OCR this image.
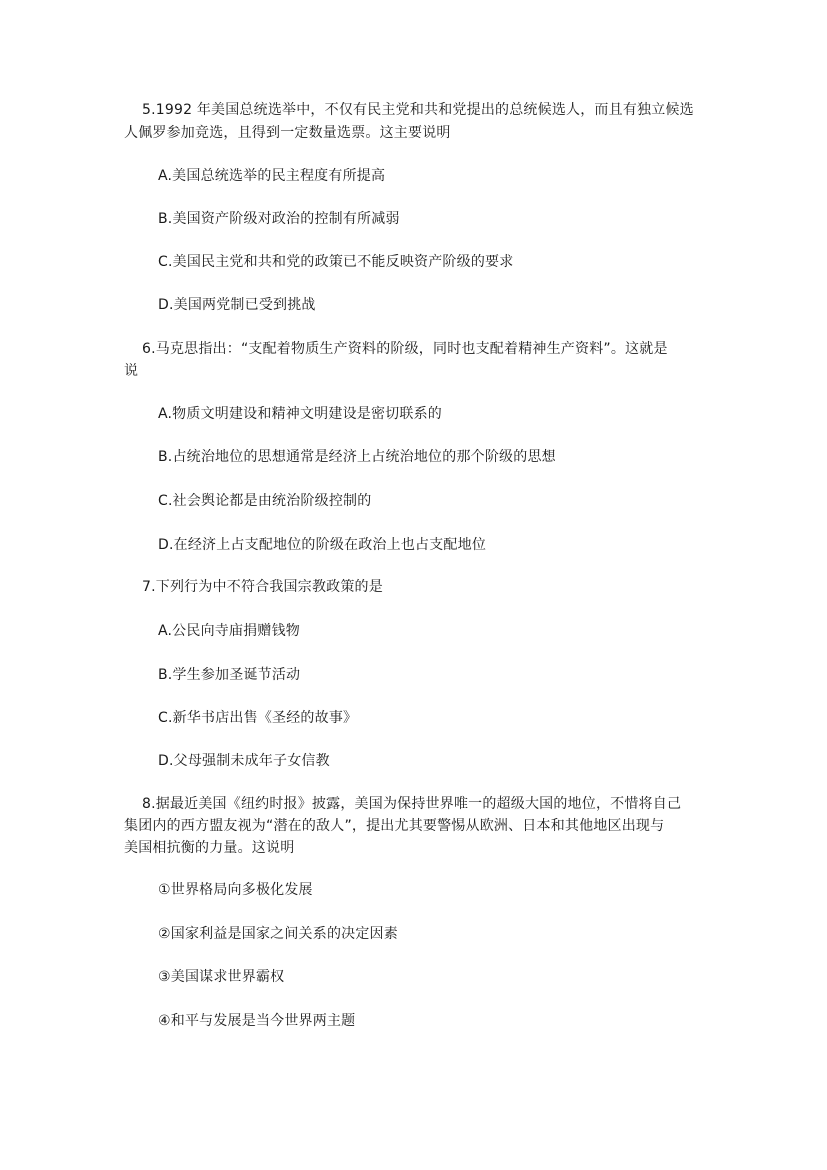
5.1992 年美国总统选举中，不仅有民主党和共和党提出的总统候选人，而且有独立候选
人佩罗参加竞选，且得到一定数量选票。这主要说明
A.美国总统选举的民主程度有所提高
B.美国资产阶级对政治的控制有所减弱
C.美国民主党和共和党的政策已不能反映资产阶级的要求
D.美国两党制已受到挑战
6.马克思指出：“支配着物质生产资料的阶级，同时也支配着精神生产资料”。这就是
说
A.物质文明建设和精神文明建设是密切联系的
B.占统治地位的思想通常是经济上占统治地位的那个阶级的思想
C.社会舆论都是由统治阶级控制的
D.在经济上占支配地位的阶级在政治上也占支配地位
7.下列行为中不符合我国宗教政策的是
A.公民向寺庙捐赠钱物
B.学生参加圣诞节活动
C.新华书店出售《圣经的故事》
D.父母强制未成年子女信教
8.据最近美国《纽约时报》披露，美国为保持世界唯一的超级大国的地位，不惜将自己
集团内的西方盟友视为“潜在的敌人”，提出尤其要警惕从欧洲、日本和其他地区出现与
美国相抗衡的力量。这说明
①世界格局向多极化发展
②国家利益是国家之间关系的决定因素
③美国谋求世界霸权
④和平与发展是当今世界两主题
